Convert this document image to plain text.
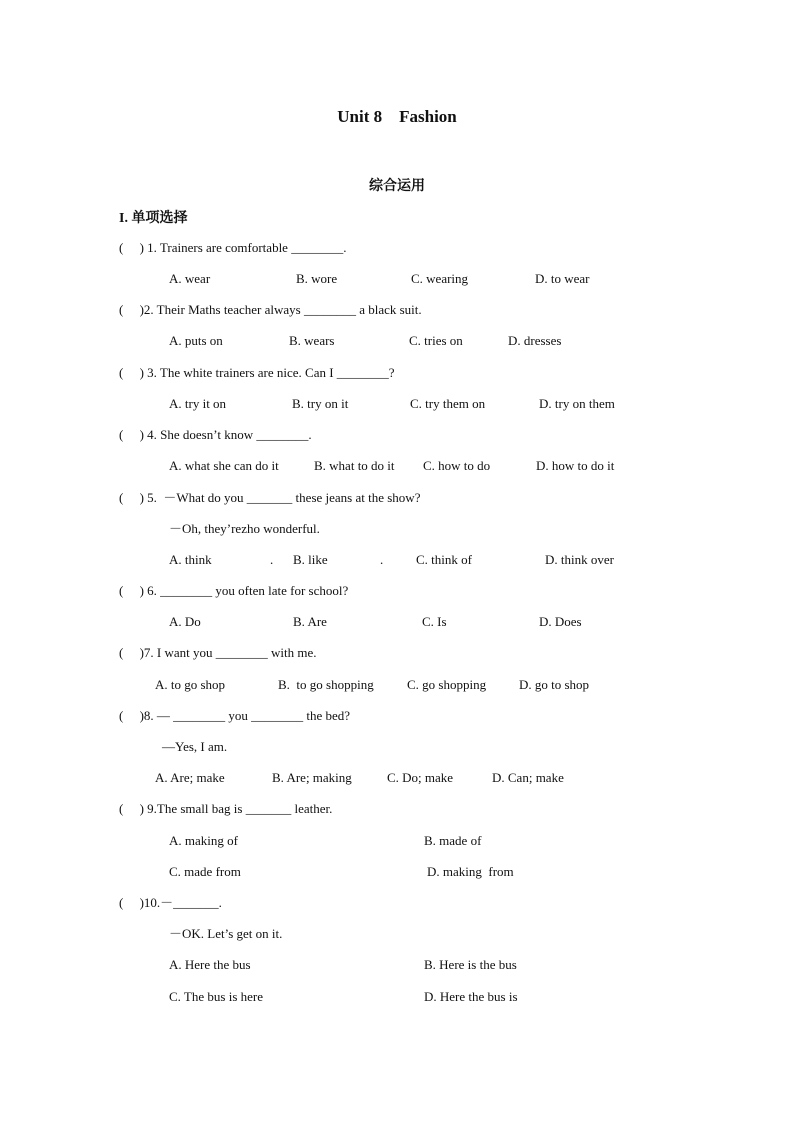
Unit 8    Fashion
综合运用
I. 单项选择
(     ) 1. Trainers are comfortable ________.
A. wear	B. wore	C. wearing	D. to wear
(     )2. Their Maths teacher always ________ a black suit.
A. puts on	B. wears	C. tries on	D. dresses
(     ) 3. The white trainers are nice. Can I ________?
A. try it on	B. try on it	C. try them on	D. try on them
(     ) 4. She doesn’t know ________.
A. what she can do it	B. what to do it C. how to do	D. how to do it
(     ) 5.  －What do you _______ these jeans at the show?
－Oh, they’rezho wonderful.
A. think	. B. like	.	C. think of	D. think over
(     ) 6. ________ you often late for school?
A. Do	B. Are	C. Is	D. Does
(     )7. I want you ________ with me.
A. to go shop	B.  to go shopping	C. go shopping	D. go to shop
(     )8. — ________ you ________ the bed?
—Yes, I am.
A. Are; make	B. Are; making	C. Do; make	D. Can; make
(     ) 9.The small bag is _______ leather.
A. making of	B. made of
C. made from	D. making  from
(     )10.－_______.
－OK. Let’s get on it.
A. Here the bus	B. Here is the bus
C. The bus is here	D. Here the bus is
